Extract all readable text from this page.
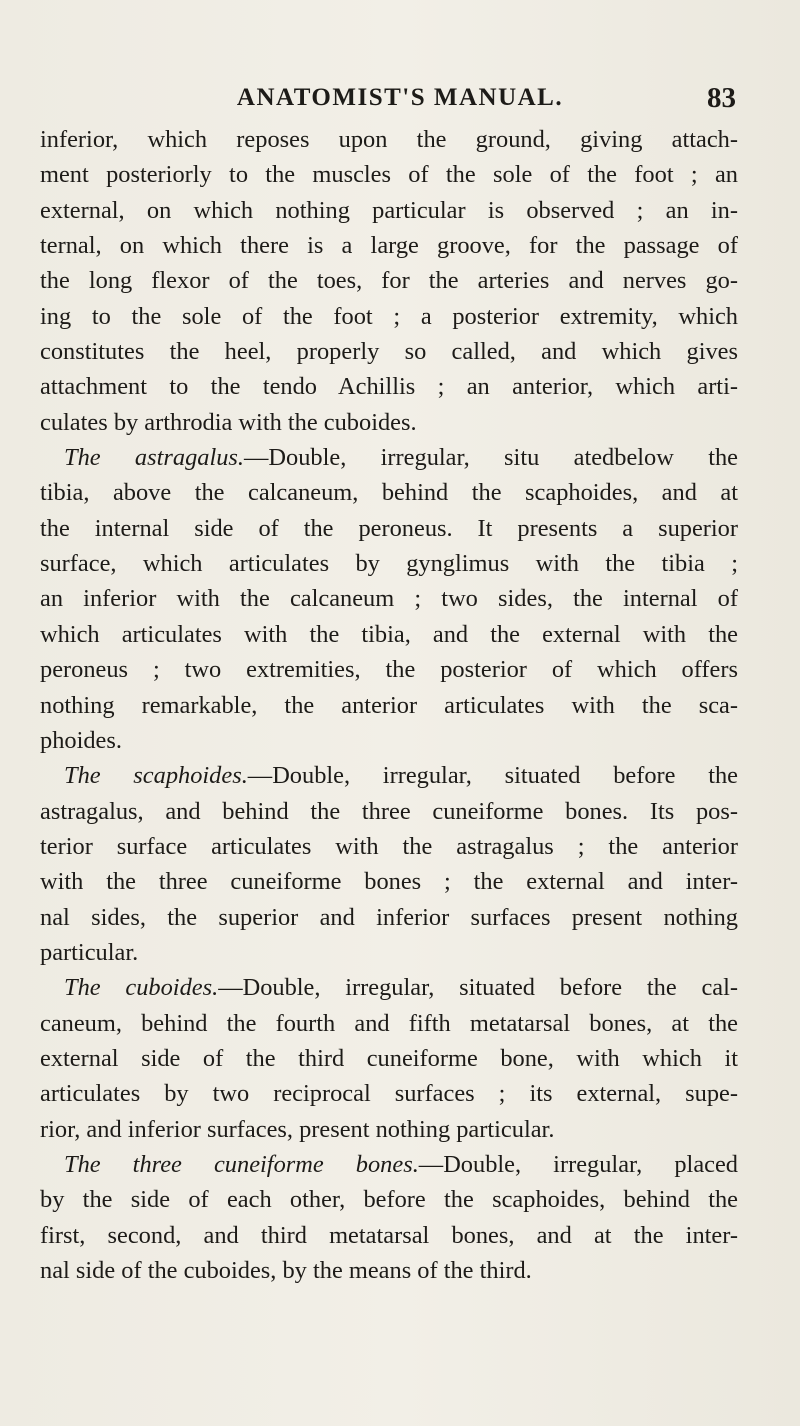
ANATOMIST'S MANUAL.	83
inferior, which reposes upon the ground, giving attach-
ment posteriorly to the muscles of the sole of the foot ; an
external, on which nothing particular is observed ; an in-
ternal, on which there is a large groove, for the passage of
the long flexor of the toes, for the arteries and nerves go-
ing to the sole of the foot ; a posterior extremity, which
constitutes the heel, properly so called, and which gives
attachment to the tendo Achillis ; an anterior, which arti-
culates by arthrodia with the cuboides.
The astragalus.—Double, irregular, situ atedbelow the
tibia, above the calcaneum, behind the scaphoides, and at
the internal side of the peroneus. It presents a superior
surface, which articulates by gynglimus with the tibia ;
an inferior with the calcaneum ; two sides, the internal of
which articulates with the tibia, and the external with the
peroneus ; two extremities, the posterior of which offers
nothing remarkable, the anterior articulates with the sca-
phoides.
The scaphoides.—Double, irregular, situated before the
astragalus, and behind the three cuneiforme bones. Its pos-
terior surface articulates with the astragalus ; the anterior
with the three cuneiforme bones ; the external and inter-
nal sides, the superior and inferior surfaces present nothing
particular.
The cuboides.—Double, irregular, situated before the cal-
caneum, behind the fourth and fifth metatarsal bones, at the
external side of the third cuneiforme bone, with which it
articulates by two reciprocal surfaces ; its external, supe-
rior, and inferior surfaces, present nothing particular.
The three cuneiforme bones.—Double, irregular, placed
by the side of each other, before the scaphoides, behind the
first, second, and third metatarsal bones, and at the inter-
nal side of the cuboides, by the means of the third.
